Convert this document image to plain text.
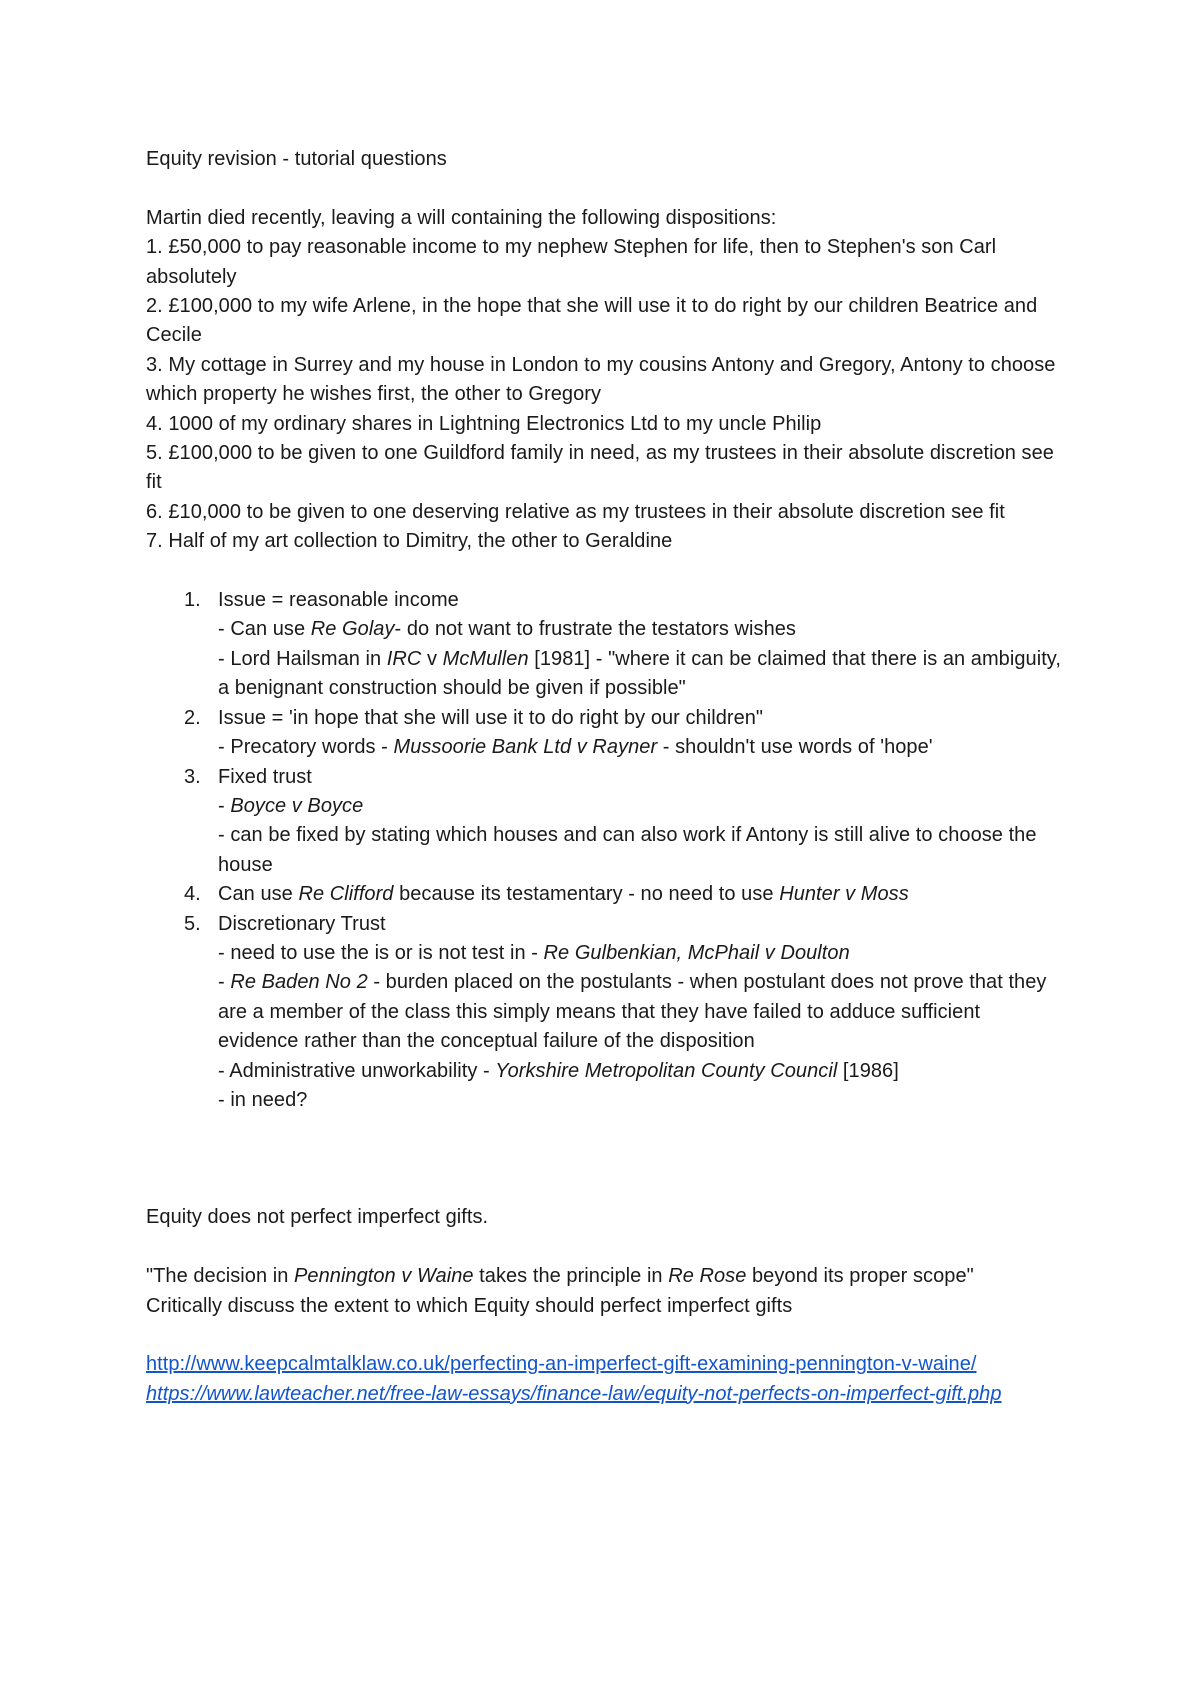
Equity revision - tutorial questions

Martin died recently, leaving a will containing the following dispositions:

1. £50,000 to pay reasonable income to my nephew Stephen for life, then to Stephen's son Carl absolutely
2. £100,000 to my wife Arlene, in the hope that she will use it to do right by our children Beatrice and Cecile
3. My cottage in Surrey and my house in London to my cousins Antony and Gregory, Antony to choose which property he wishes first, the other to Gregory
4. 1000 of my ordinary shares in Lightning Electronics Ltd to my uncle Philip
5. £100,000 to be given to one Guildford family in need, as my trustees in their absolute discretion see fit
6. £10,000 to be given to one deserving relative as my trustees in their absolute discretion see fit
7. Half of my art collection to Dimitry, the other to Geraldine
1. Issue = reasonable income
- Can use Re Golay- do not want to frustrate the testators wishes
- Lord Hailsman in IRC v McMullen [1981] - "where it can be claimed that there is an ambiguity, a benignant construction should be given if possible"
2. Issue = 'in hope that she will use it to do right by our children"
- Precatory words - Mussoorie Bank Ltd v Rayner - shouldn't use words of 'hope'
3. Fixed trust
- Boyce v Boyce
- can be fixed by stating which houses and can also work if Antony is still alive to choose the house
4. Can use Re Clifford because its testamentary - no need to use Hunter v Moss
5. Discretionary Trust
- need to use the is or is not test in - Re Gulbenkian, McPhail v Doulton
- Re Baden No 2 - burden placed on the postulants - when postulant does not prove that they are a member of the class this simply means that they have failed to adduce sufficient evidence rather than the conceptual failure of the disposition
- Administrative unworkability - Yorkshire Metropolitan County Council [1986]
- in need?

Equity does not perfect imperfect gifts.

"The decision in Pennington v Waine takes the principle in Re Rose beyond its proper scope"

Critically discuss the extent to which Equity should perfect imperfect gifts

http://www.keepcalmtalklaw.co.uk/perfecting-an-imperfect-gift-examining-pennington-v-waine/

https://www.lawteacher.net/free-law-essays/finance-law/equity-not-perfects-on-imperfect-gift.php
